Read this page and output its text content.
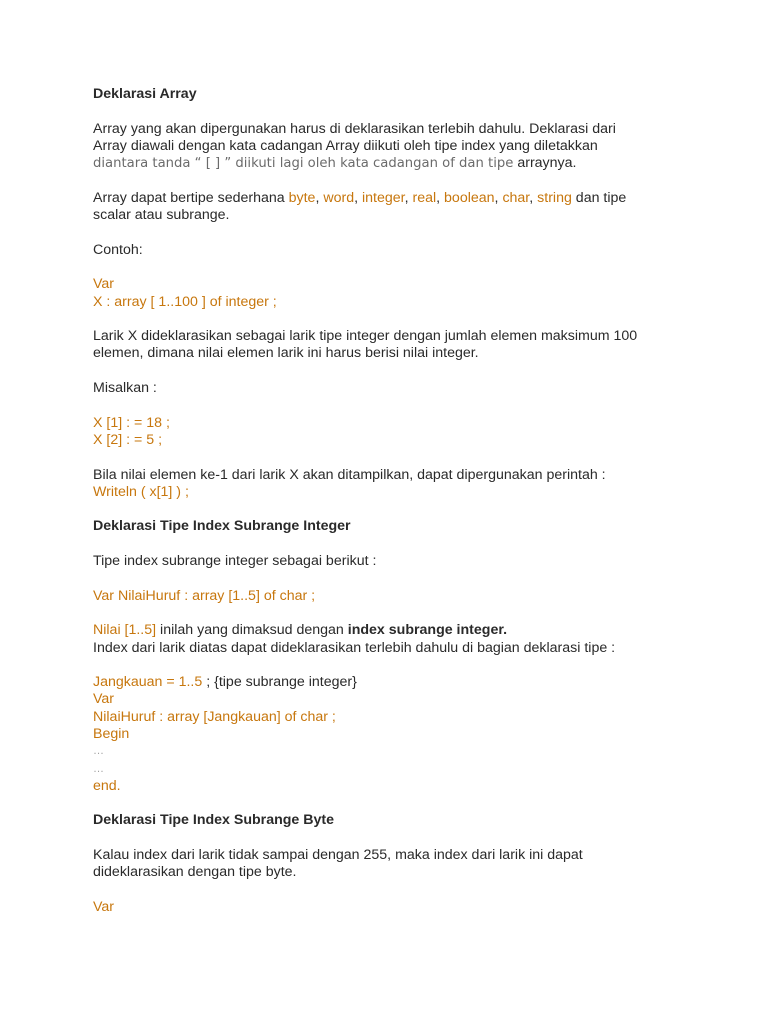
Deklarasi Array
Array yang akan dipergunakan harus di deklarasikan terlebih dahulu. Deklarasi dari
Array diawali dengan kata cadangan Array diikuti oleh tipe index yang diletakkan
diantara tanda “ [ ] ” diikuti lagi oleh kata cadangan of dan tipe arraynya.
Array dapat bertipe sederhana byte, word, integer, real, boolean, char, string dan tipe
scalar atau subrange.
Contoh:
Var
X : array [ 1..100 ] of integer ;
Larik X dideklarasikan sebagai larik tipe integer dengan jumlah elemen maksimum 100
elemen, dimana nilai elemen larik ini harus berisi nilai integer.
Misalkan :
X [1] : = 18 ;
X [2] : = 5 ;
Bila nilai elemen ke-1 dari larik X akan ditampilkan, dapat dipergunakan perintah :
Writeln ( x[1] ) ;
Deklarasi Tipe Index Subrange Integer
Tipe index subrange integer sebagai berikut :
Var NilaiHuruf : array [1..5] of char ;
Nilai [1..5] inilah yang dimaksud dengan index subrange integer.
Index dari larik diatas dapat dideklarasikan terlebih dahulu di bagian deklarasi tipe :
Jangkauan = 1..5 ; {tipe subrange integer}
Var
NilaiHuruf : array [Jangkauan] of char ;
Begin
…
…
end.
Deklarasi Tipe Index Subrange Byte
Kalau index dari larik tidak sampai dengan 255, maka index dari larik ini dapat
dideklarasikan dengan tipe byte.
Var
